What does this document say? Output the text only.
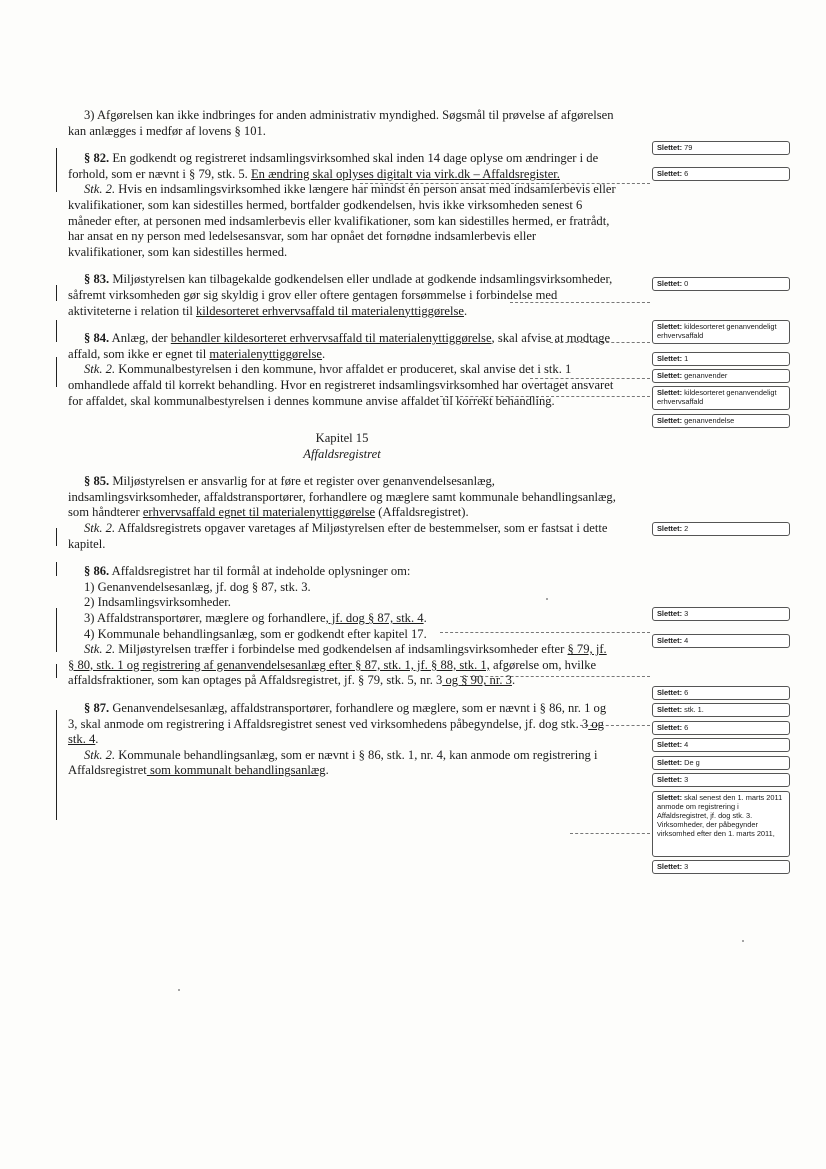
3) Afgørelsen kan ikke indbringes for anden administrativ myndighed. Søgsmål til prøvelse af afgørelsen kan anlægges i medfør af lovens § 101.

§ 82. En godkendt og registreret indsamlingsvirksomhed skal inden 14 dage oplyse om ændringer i de forhold, som er nævnt i § 79, stk. 5. En ændring skal oplyses digitalt via virk.dk – Affaldsregister.

Stk. 2. Hvis en indsamlingsvirksomhed ikke længere har mindst én person ansat med indsamlerbevis eller kvalifikationer, som kan sidestilles hermed, bortfalder godkendelsen, hvis ikke virksomheden senest 6 måneder efter, at personen med indsamlerbevis eller kvalifikationer, som kan sidestilles hermed, er fratrådt, har ansat en ny person med ledelsesansvar, som har opnået det fornødne indsamlerbevis eller kvalifikationer, som kan sidestilles hermed.

§ 83. Miljøstyrelsen kan tilbagekalde godkendelsen eller undlade at godkende indsamlingsvirksomheder, såfremt virksomheden gør sig skyldig i grov eller oftere gentagen forsømmelse i forbindelse med aktiviteterne i relation til kildesorteret erhvervsaffald til materialenyttiggørelse.

§ 84. Anlæg, der behandler kildesorteret erhvervsaffald til materialenyttiggørelse, skal afvise at modtage affald, som ikke er egnet til materialenyttiggørelse.

Stk. 2. Kommunalbestyrelsen i den kommune, hvor affaldet er produceret, skal anvise det i stk. 1 omhandlede affald til korrekt behandling. Hvor en registreret indsamlingsvirksomhed har overtaget ansvaret for affaldet, skal kommunalbestyrelsen i dennes kommune anvise affaldet til korrekt behandling.

Kapitel 15

Affaldsregistret

§ 85. Miljøstyrelsen er ansvarlig for at føre et register over genanvendelsesanlæg, indsamlingsvirksomheder, affaldstransportører, forhandlere og mæglere samt kommunale behandlingsanlæg, som håndterer erhvervsaffald egnet til materialenyttiggørelse (Affaldsregistret).

Stk. 2. Affaldsregistrets opgaver varetages af Miljøstyrelsen efter de bestemmelser, som er fastsat i dette kapitel.

§ 86. Affaldsregistret har til formål at indeholde oplysninger om:

1) Genanvendelsesanlæg, jf. dog § 87, stk. 3.

2) Indsamlingsvirksomheder.

3) Affaldstransportører, mæglere og forhandlere, jf. dog § 87, stk. 4.

4) Kommunale behandlingsanlæg, som er godkendt efter kapitel 17.

Stk. 2. Miljøstyrelsen træffer i forbindelse med godkendelsen af indsamlingsvirksomheder efter § 79, jf. § 80, stk. 1 og registrering af genanvendelsesanlæg efter § 87, stk. 1, jf. § 88, stk. 1, afgørelse om, hvilke affaldsfraktioner, som kan optages på Affaldsregistret, jf. § 79, stk. 5, nr. 3 og § 90, nr. 3.

§ 87. Genanvendelsesanlæg, affaldstransportører, forhandlere og mæglere, som er nævnt i § 86, nr. 1 og 3, skal anmode om registrering i Affaldsregistret senest ved virksomhedens påbegyndelse, jf. dog stk. 3 og stk. 4.

Stk. 2. Kommunale behandlingsanlæg, som er nævnt i § 86, stk. 1, nr. 4, kan anmode om registrering i Affaldsregistret som kommunalt behandlingsanlæg.

Slettet: 79
Slettet: 6
Slettet: 0
Slettet: kildesorteret genanvendeligt erhvervsaffald
Slettet: 1
Slettet: genanvender
Slettet: kildesorteret genanvendeligt erhvervsaffald
Slettet: genanvendelse
Slettet: 2
Slettet: 3
Slettet: 4
Slettet: 6
Slettet: stk. 1.
Slettet: 6
Slettet: 4
Slettet: De g
Slettet: 3
Slettet: skal senest den 1. marts 2011 anmode om registrering i Affaldsregistret, jf. dog stk. 3. Virksomheder, der påbegynder virksomhed efter den 1. marts 2011,
Slettet: 3
